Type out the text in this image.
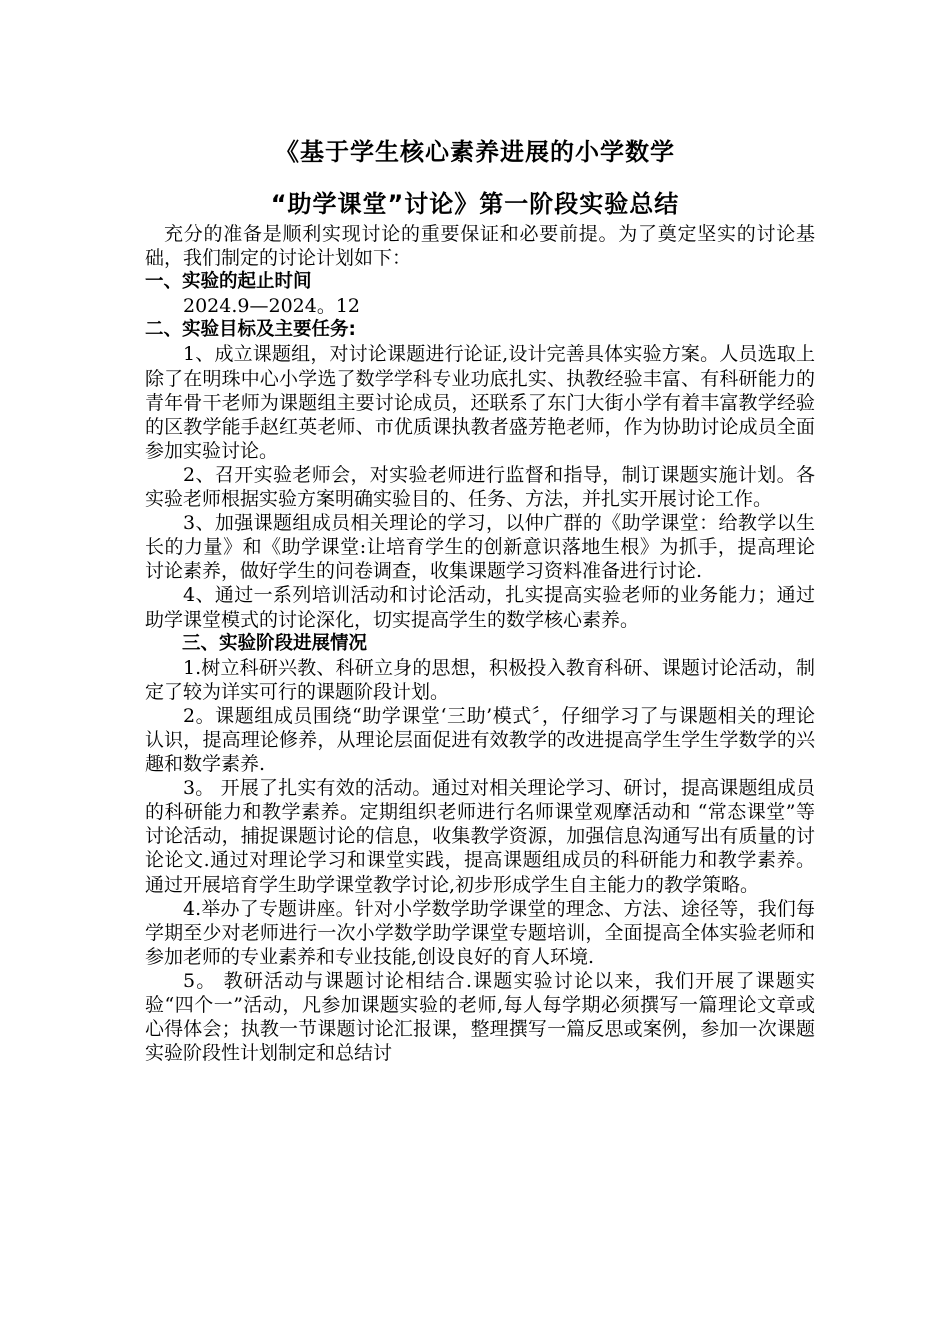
《基于学生核心素养进展的小学数学
“助学课堂”讨论》第一阶段实验总结

充分的准备是顺利实现讨论的重要保证和必要前提。为了奠定坚实的讨论基础，我们制定的讨论计划如下：

一、实验的起止时间

2024.9—2024。12

二、实验目标及主要任务:

1、成立课题组，对讨论课题进行论证,设计完善具体实验方案。人员选取上除了在明珠中心小学选了数学学科专业功底扎实、执教经验丰富、有科研能力的青年骨干老师为课题组主要讨论成员，还联系了东门大街小学有着丰富教学经验的区教学能手赵红英老师、市优质课执教者盛芳艳老师，作为协助讨论成员全面参加实验讨论。

2、召开实验老师会，对实验老师进行监督和指导，制订课题实施计划。各实验老师根据实验方案明确实验目的、任务、方法，并扎实开展讨论工作。

3、加强课题组成员相关理论的学习，以仲广群的《助学课堂：给教学以生长的力量》和《助学课堂:让培育学生的创新意识落地生根》为抓手，提高理论讨论素养，做好学生的问卷调查，收集课题学习资料准备进行讨论.

4、通过一系列培训活动和讨论活动，扎实提高实验老师的业务能力；通过助学课堂模式的讨论深化，切实提高学生的数学核心素养。

三、实验阶段进展情况

1.树立科研兴教、科研立身的思想，积极投入教育科研、课题讨论活动，制定了较为详实可行的课题阶段计划。

2。课题组成员围绕“助学课堂‘三助’模式〞，仔细学习了与课题相关的理论认识，提高理论修养，从理论层面促进有效教学的改进提高学生学生学数学的兴趣和数学素养.

3。 开展了扎实有效的活动。通过对相关理论学习、研讨，提高课题组成员的科研能力和教学素养。定期组织老师进行名师课堂观摩活动和 “常态课堂”等讨论活动，捕捉课题讨论的信息，收集教学资源，加强信息沟通写出有质量的讨论论文.通过对理论学习和课堂实践，提高课题组成员的科研能力和教学素养。通过开展培育学生助学课堂教学讨论,初步形成学生自主能力的教学策略。

4.举办了专题讲座。针对小学数学助学课堂的理念、方法、途径等，我们每学期至少对老师进行一次小学数学助学课堂专题培训，全面提高全体实验老师和参加老师的专业素养和专业技能,创设良好的育人环境.

5。 教研活动与课题讨论相结合.课题实验讨论以来，我们开展了课题实验“四个一”活动，凡参加课题实验的老师,每人每学期必须撰写一篇理论文章或心得体会；执教一节课题讨论汇报课，整理撰写一篇反思或案例，参加一次课题实验阶段性计划制定和总结讨
